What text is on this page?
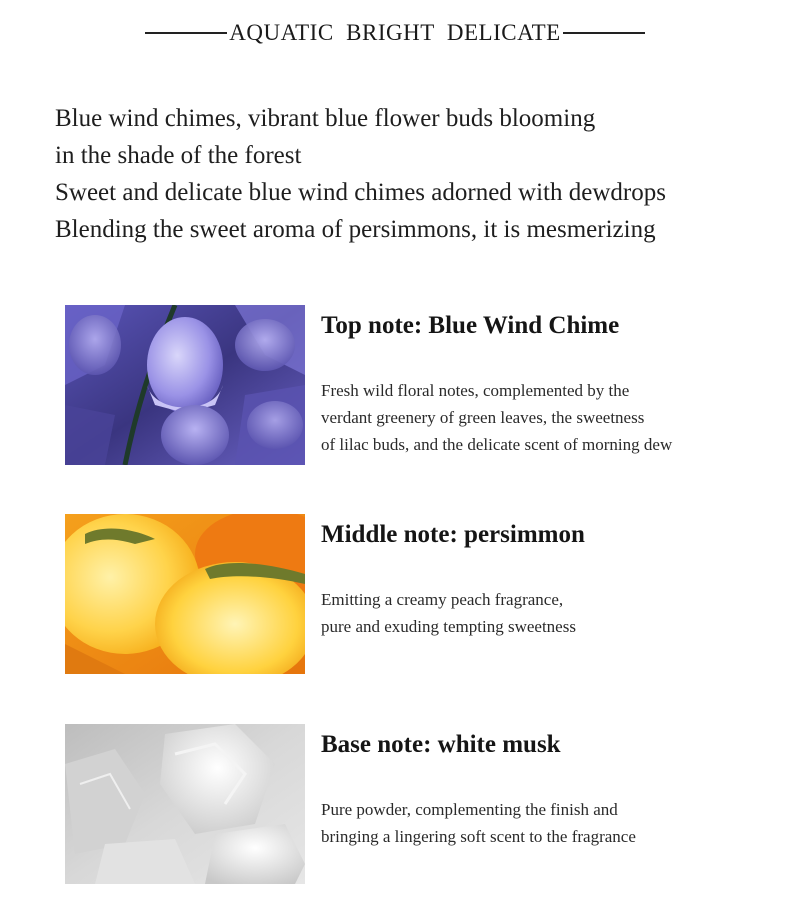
AQUATIC  BRIGHT  DELICATE
Blue wind chimes, vibrant blue flower buds blooming
in the shade of the forest
Sweet and delicate blue wind chimes adorned with dewdrops
Blending the sweet aroma of persimmons, it is mesmerizing
Top note: Blue Wind Chime
Fresh wild floral notes, complemented by the
verdant greenery of green leaves, the sweetness
of lilac buds, and the delicate scent of morning dew
Middle note: persimmon
Emitting a creamy peach fragrance,
pure and exuding tempting sweetness
Base note: white musk
Pure powder, complementing the finish and
bringing a lingering soft scent to the fragrance
